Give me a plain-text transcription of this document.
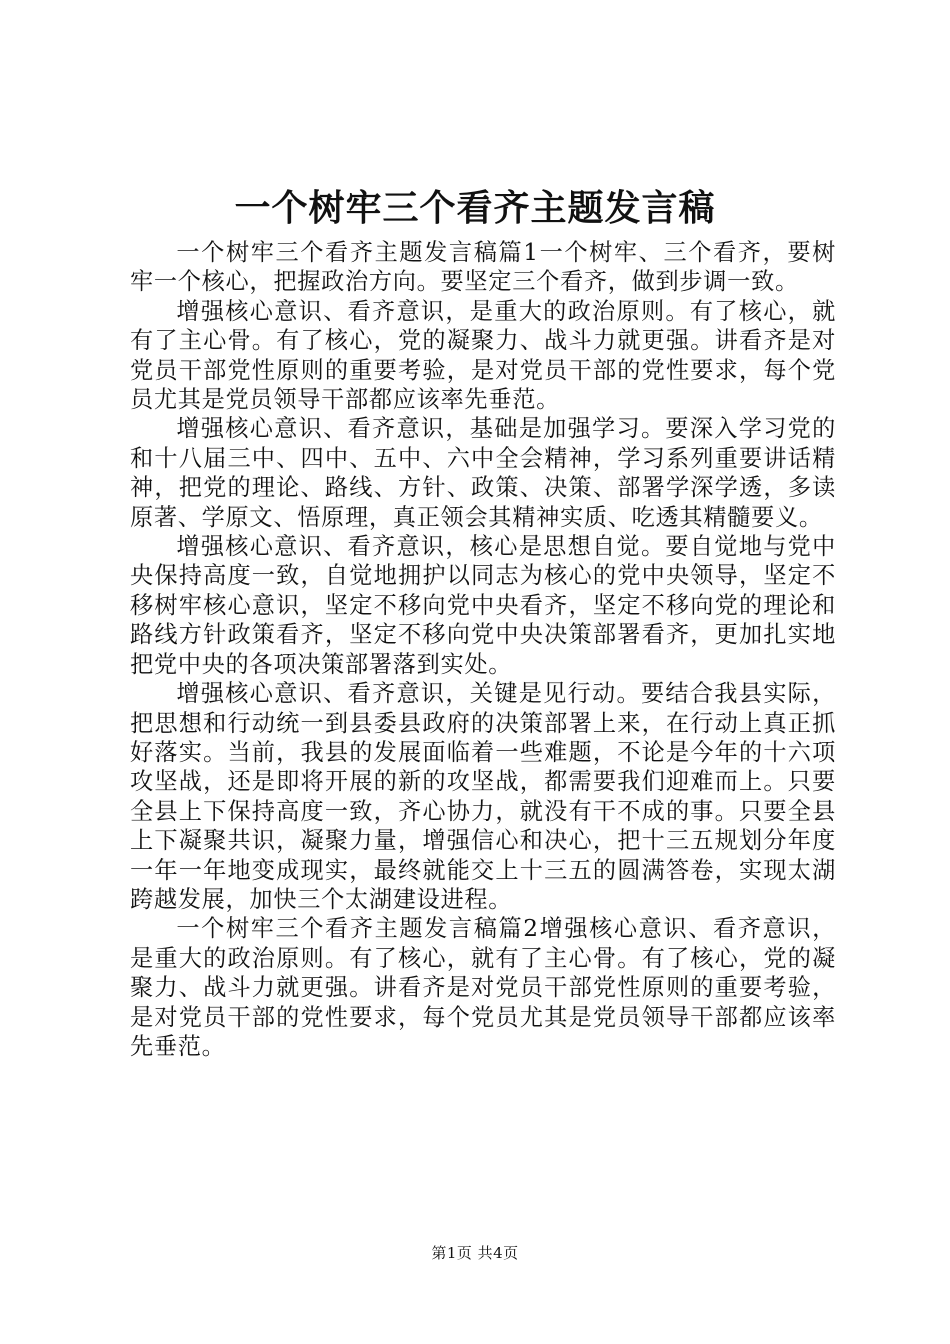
一个树牢三个看齐主题发言稿

一个树牢三个看齐主题发言稿篇1一个树牢、三个看齐，要树牢一个核心，把握政治方向。要坚定三个看齐，做到步调一致。

增强核心意识、看齐意识，是重大的政治原则。有了核心，就有了主心骨。有了核心，党的凝聚力、战斗力就更强。讲看齐是对党员干部党性原则的重要考验，是对党员干部的党性要求，每个党员尤其是党员领导干部都应该率先垂范。

增强核心意识、看齐意识，基础是加强学习。要深入学习党的和十八届三中、四中、五中、六中全会精神，学习系列重要讲话精神，把党的理论、路线、方针、政策、决策、部署学深学透，多读原著、学原文、悟原理，真正领会其精神实质、吃透其精髓要义。

增强核心意识、看齐意识，核心是思想自觉。要自觉地与党中央保持高度一致，自觉地拥护以同志为核心的党中央领导，坚定不移树牢核心意识，坚定不移向党中央看齐，坚定不移向党的理论和路线方针政策看齐，坚定不移向党中央决策部署看齐，更加扎实地把党中央的各项决策部署落到实处。

增强核心意识、看齐意识，关键是见行动。要结合我县实际，把思想和行动统一到县委县政府的决策部署上来，在行动上真正抓好落实。当前，我县的发展面临着一些难题，不论是今年的十六项攻坚战，还是即将开展的新的攻坚战，都需要我们迎难而上。只要全县上下保持高度一致，齐心协力，就没有干不成的事。只要全县上下凝聚共识，凝聚力量，增强信心和决心，把十三五规划分年度一年一年地变成现实，最终就能交上十三五的圆满答卷，实现太湖跨越发展，加快三个太湖建设进程。

一个树牢三个看齐主题发言稿篇2增强核心意识、看齐意识，是重大的政治原则。有了核心，就有了主心骨。有了核心，党的凝聚力、战斗力就更强。讲看齐是对党员干部党性原则的重要考验，是对党员干部的党性要求，每个党员尤其是党员领导干部都应该率先垂范。

第1页 共4页
